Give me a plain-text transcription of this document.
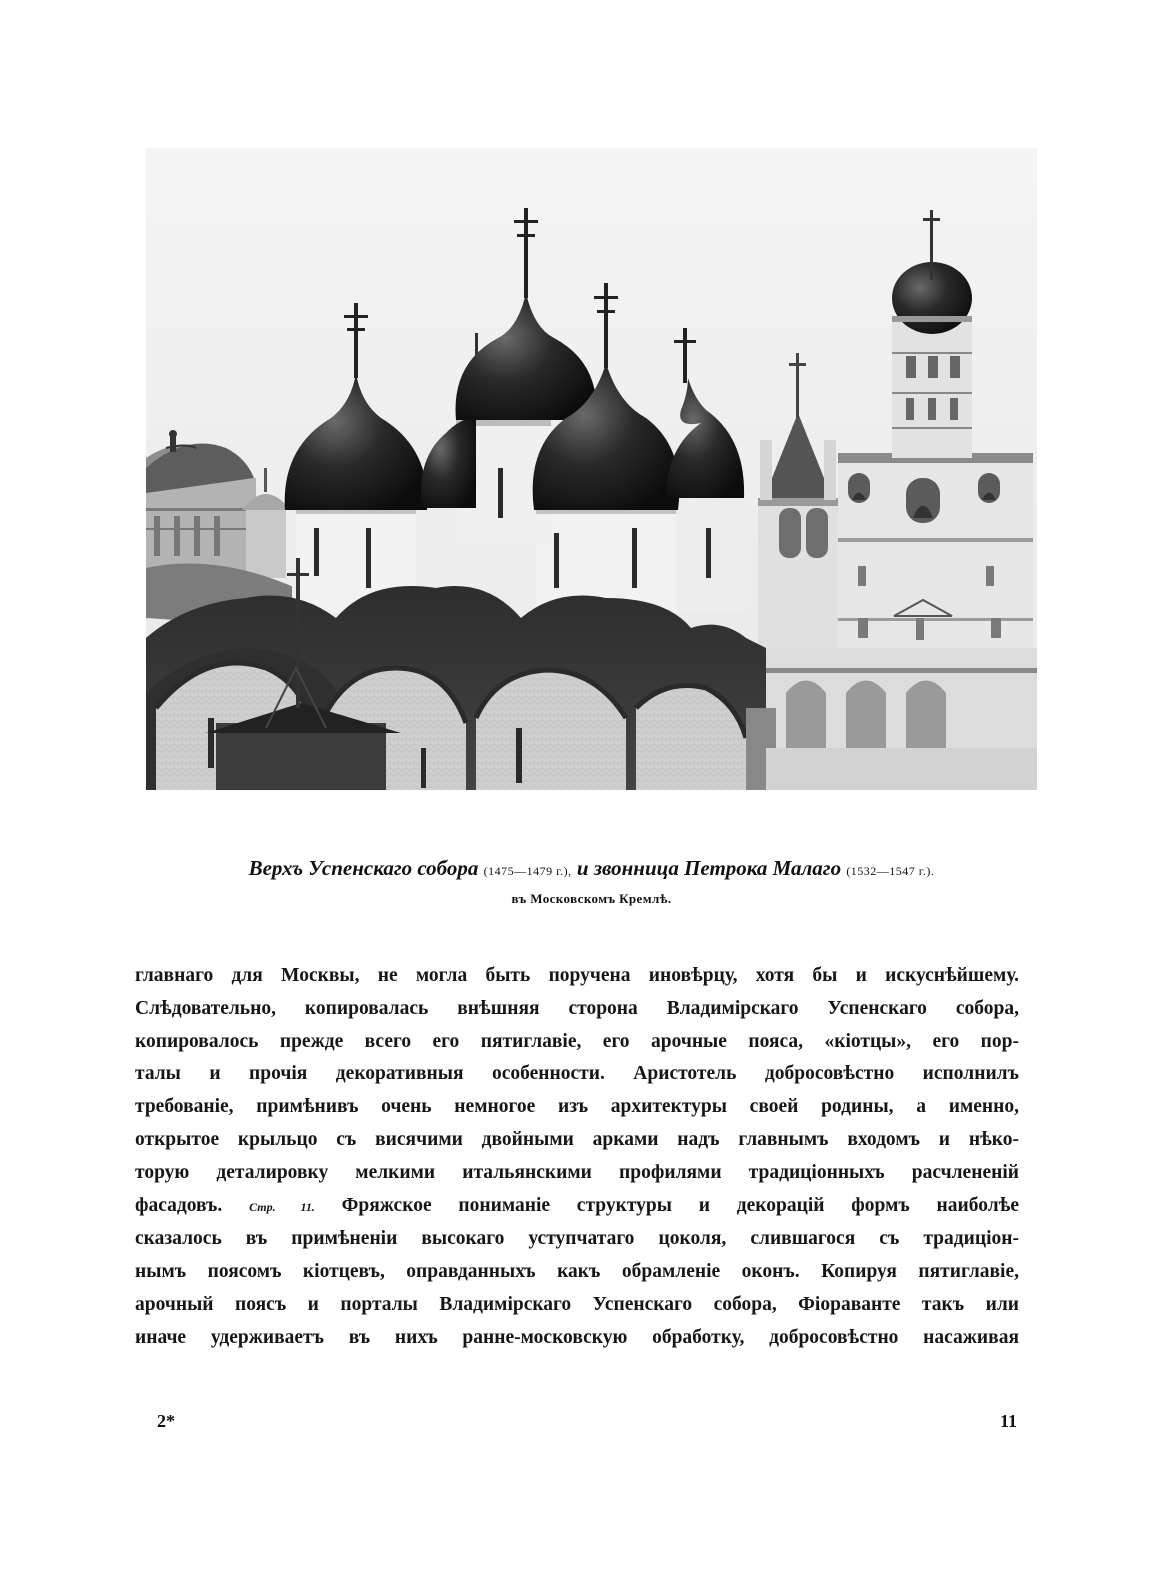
Верхъ Успенскаго собора (1475—1479 г.), и звонница Петрока Малаго (1532—1547 г.).
въ Московскомъ Кремлѣ.
главнаго для Москвы, не могла быть поручена иновѣрцу, хотя бы и искуснѣйшему.
Слѣдовательно, копировалась внѣшняя сторона Владимірскаго Успенскаго собора,
копировалось прежде всего его пятиглавіе, его арочные пояса, «кіотцы», его пор-
талы и прочія декоративныя особенности. Аристотель добросовѣстно исполнилъ
требованіе, примѣнивъ очень немногое изъ архитектуры своей родины, а именно,
открытое крыльцо съ висячими двойными арками надъ главнымъ входомъ и нѣко-
торую деталировку мелкими итальянскими профилями традиціонныхъ расчлененій
фасадовъ. Стр. 11. Фряжское пониманіе структуры и декорацій формъ наиболѣе
сказалось въ примѣненіи высокаго уступчатаго цоколя, слившагося съ традиціон-
нымъ поясомъ кіотцевъ, оправданныхъ какъ обрамленіе оконъ. Копируя пятиглавіе,
арочный поясъ и порталы Владимірскаго Успенскаго собора, Фіораванте такъ или
иначе удерживаетъ въ нихъ ранне-московскую обработку, добросовѣстно насаживая
2*	11
